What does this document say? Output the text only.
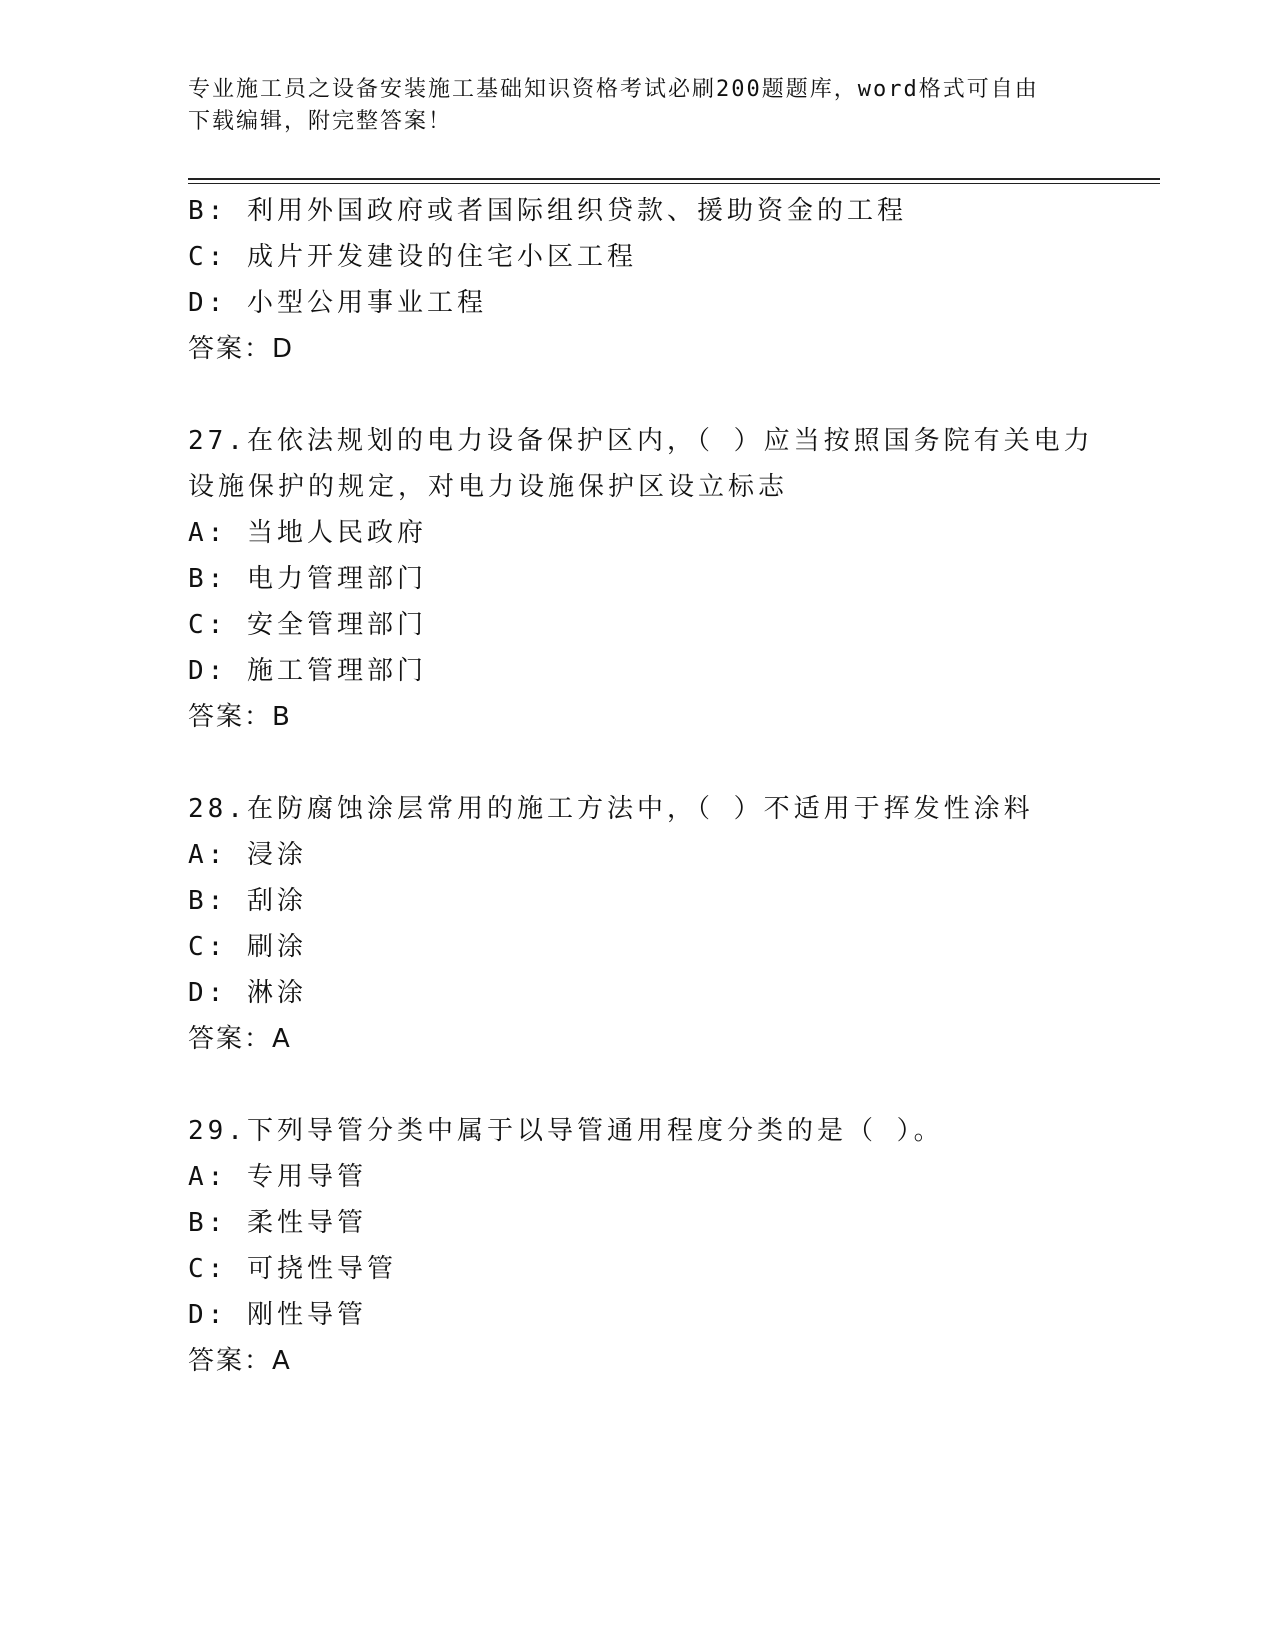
专业施工员之设备安装施工基础知识资格考试必刷200题题库，word格式可自由
下载编辑，附完整答案！
B: 利用外国政府或者国际组织贷款、援助资金的工程
C: 成片开发建设的住宅小区工程
D: 小型公用事业工程
答案：D
27.在依法规划的电力设备保护区内，（ ）应当按照国务院有关电力
设施保护的规定，对电力设施保护区设立标志
A: 当地人民政府
B: 电力管理部门
C: 安全管理部门
D: 施工管理部门
答案：B
28.在防腐蚀涂层常用的施工方法中，（ ）不适用于挥发性涂料
A: 浸涂
B: 刮涂
C: 刷涂
D: 淋涂
答案：A
29.下列导管分类中属于以导管通用程度分类的是（ ）。
A: 专用导管
B: 柔性导管
C: 可挠性导管
D: 刚性导管
答案：A
